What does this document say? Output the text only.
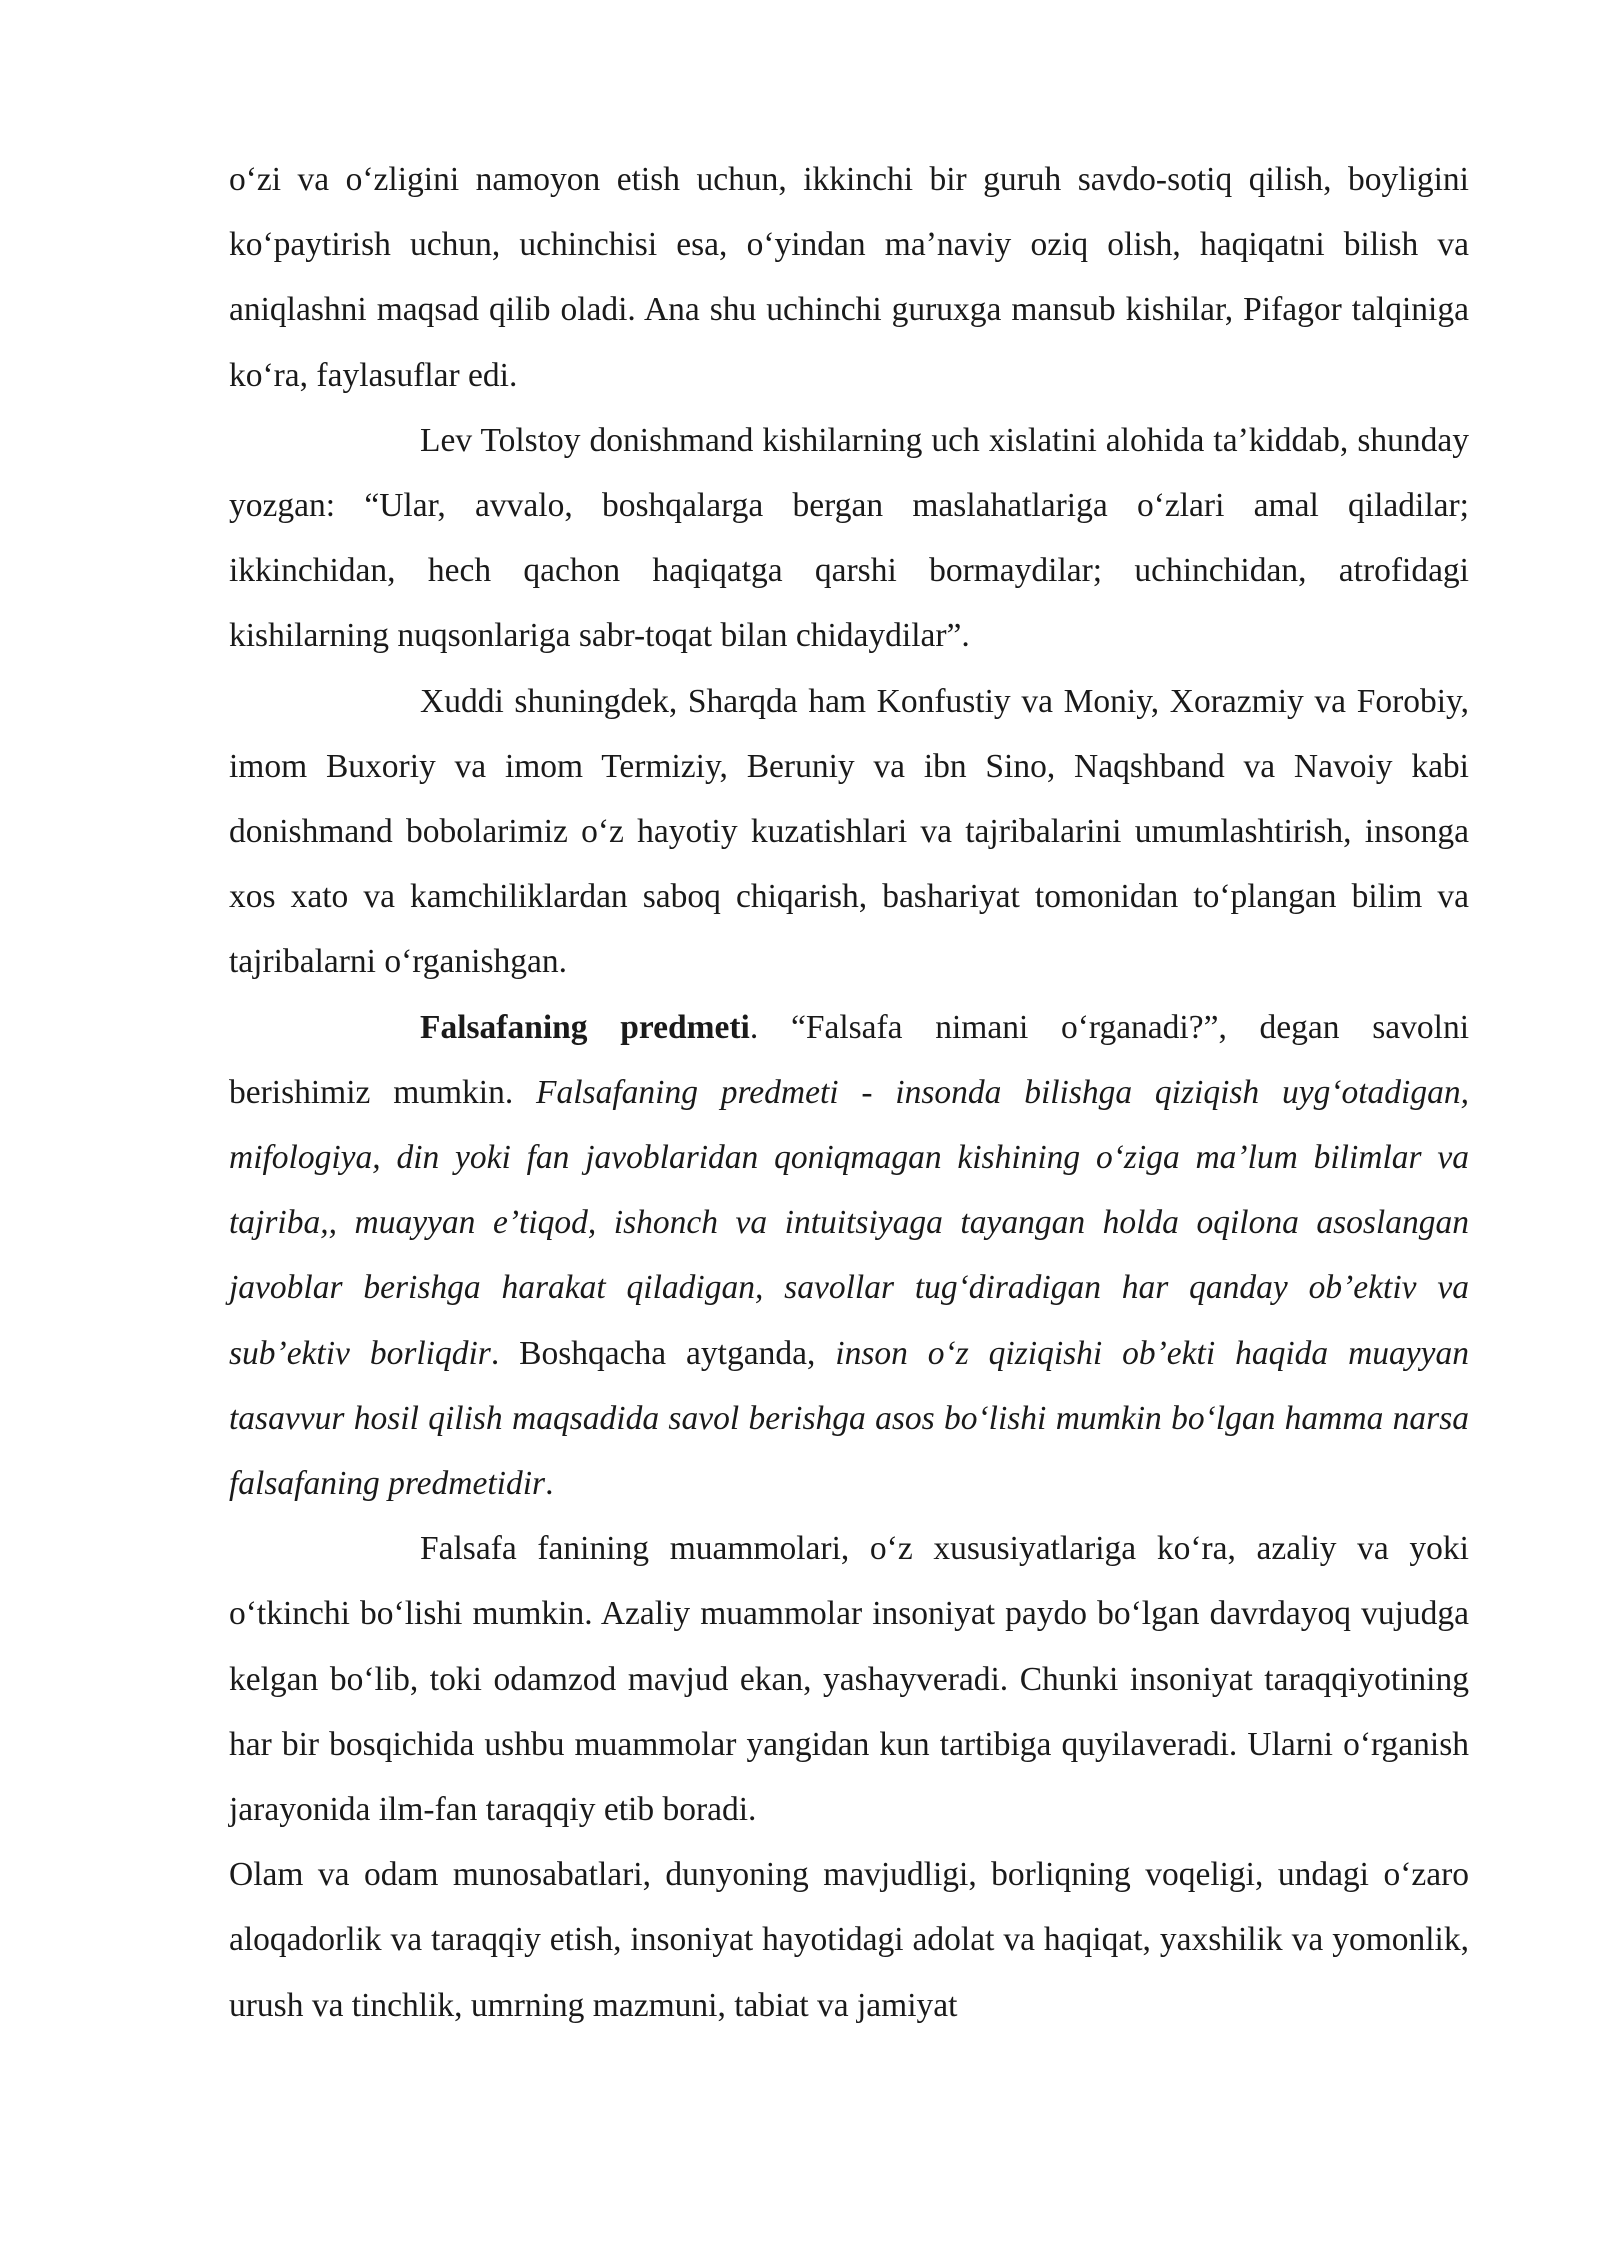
oʻzi va oʻzligini namoyon etish uchun, ikkinchi bir guruh savdo-sotiq qilish, boyligini koʻpaytirish uchun, uchinchisi esa, oʻyindan maʼnaviy oziq olish, haqiqatni bilish va aniqlashni maqsad qilib oladi. Ana shu uchinchi guruxga mansub kishilar, Pifagor talqiniga koʻra, faylasuflar edi.

Lev Tolstoy donishmand kishilarning uch xislatini alohida taʼkiddab, shunday yozgan: “Ular, avvalo, boshqalarga bergan maslahatlariga oʻzlari amal qiladilar; ikkinchidan, hech qachon haqiqatga qarshi bormaydilar; uchinchidan, atrofidagi kishilarning nuqsonlariga sabr-toqat bilan chidaydilar”.

Xuddi shuningdek, Sharqda ham Konfustiy va Moniy, Xorazmiy va Forobiy, imom Buxoriy va imom Termiziy, Beruniy va ibn Sino, Naqshband va Navoiy kabi donishmand bobolarimiz oʻz hayotiy kuzatishlari va tajribalarini umumlashtirish, insonga xos xato va kamchiliklardan saboq chiqarish, bashariyat tomonidan toʻplangan bilim va tajribalarni oʻrganishgan.

Falsafaning predmeti. “Falsafa nimani oʻrganadi?”, degan savolni berishimiz mumkin. Falsafaning predmeti - insonda bilishga qiziqish uygʻotadigan, mifologiya, din yoki fan javoblaridan qoniqmagan kishining oʻziga maʼlum bilimlar va tajriba,, muayyan eʼtiqod, ishonch va intuitsiyaga tayangan holda oqilona asoslangan javoblar berishga harakat qiladigan, savollar tugʻdiradigan har qanday obʼektiv va subʼektiv borliqdir. Boshqacha aytganda, inson oʻz qiziqishi obʼekti haqida muayyan tasavvur hosil qilish maqsadida savol berishga asos boʻlishi mumkin boʻlgan hamma narsa falsafaning predmetidir.

Falsafa fanining muammolari, oʻz xususiyatlariga koʻra, azaliy va yoki oʻtkinchi boʻlishi mumkin. Azaliy muammolar insoniyat paydo boʻlgan davrdayoq vujudga kelgan boʻlib, toki odamzod mavjud ekan, yashayveradi. Chunki insoniyat taraqqiyotining har bir bosqichida ushbu muammolar yangidan kun tartibiga quyilaveradi. Ularni oʻrganish jarayonida ilm-fan taraqqiy etib boradi.

Olam va odam munosabatlari, dunyoning mavjudligi, borliqning voqeligi, undagi oʻzaro aloqadorlik va taraqqiy etish, insoniyat hayotidagi adolat va haqiqat, yaxshilik va yomonlik, urush va tinchlik, umrning mazmuni, tabiat va jamiyat
